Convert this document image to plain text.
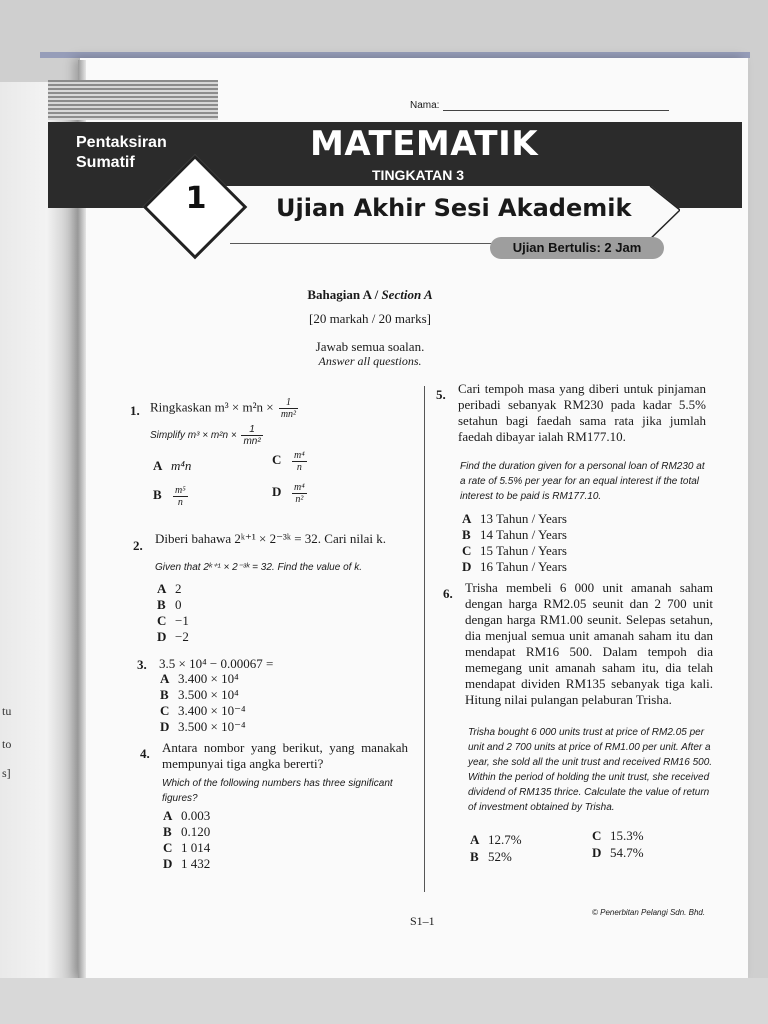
tu
to
s]
Nama:
Pentaksiran
Sumatif	MATEMATIK
TINGKATAN 3
1	Ujian Akhir Sesi Akademik
Ujian Bertulis: 2 Jam
Bahagian A / Section A
[20 markah / 20 marks]
Jawab semua soalan.
Answer all questions.
1. Ringkaskan $m^3 \times m^2n \times \frac{1}{\text{mn²}}$
Simplify $m^3 \times m^2n \times \frac{1}{\text{mn²}}$
A m⁴n	C $\frac{\text{m⁴}}{n}$
B $\frac{\text{m⁵}}{n}$	D $\frac{\text{m⁴}}{\text{n²}}$
2. Diberi bahawa 2ᵏ⁺¹ × 2⁻³ᵏ = 32. Cari nilai k.
Given that 2ᵏ⁺¹ × 2⁻³ᵏ = 32. Find the value of k.
A 2
B 0
C −1
D −2
3. 3.5 × 10⁴ − 0.00067 =
A 3.400 × 10⁴
B 3.500 × 10⁴
C 3.400 × 10⁻⁴
D 3.500 × 10⁻⁴
4. Antara nombor yang berikut, yang manakah mempunyai tiga angka bererti?
Which of the following numbers has three significant figures?
A 0.003
B 0.120
C 1 014
D 1 432
5. Cari tempoh masa yang diberi untuk pinjaman peribadi sebanyak RM230 pada kadar 5.5% setahun bagi faedah sama rata jika jumlah faedah dibayar ialah RM177.10.
Find the duration given for a personal loan of RM230 at a rate of 5.5% per year for an equal interest if the total interest to be paid is RM177.10.
A 13 Tahun / Years
B 14 Tahun / Years
C 15 Tahun / Years
D 16 Tahun / Years
6. Trisha membeli 6 000 unit amanah saham dengan harga RM2.05 seunit dan 2 700 unit dengan harga RM1.00 seunit. Selepas setahun, dia menjual semua unit amanah saham itu dan mendapat RM16 500. Dalam tempoh dia memegang unit amanah saham itu, dia telah mendapat dividen RM135 sebanyak tiga kali. Hitung nilai pulangan pelaburan Trisha.
Trisha bought 6 000 units trust at price of RM2.05 per unit and 2 700 units at price of RM1.00 per unit. After a year, she sold all the unit trust and received RM16 500. Within the period of holding the unit trust, she received dividend of RM135 thrice. Calculate the value of return of investment obtained by Trisha.
A 12.7%
B 52%
C 15.3%
D 54.7%
S1–1
© Penerbitan Pelangi Sdn. Bhd.
